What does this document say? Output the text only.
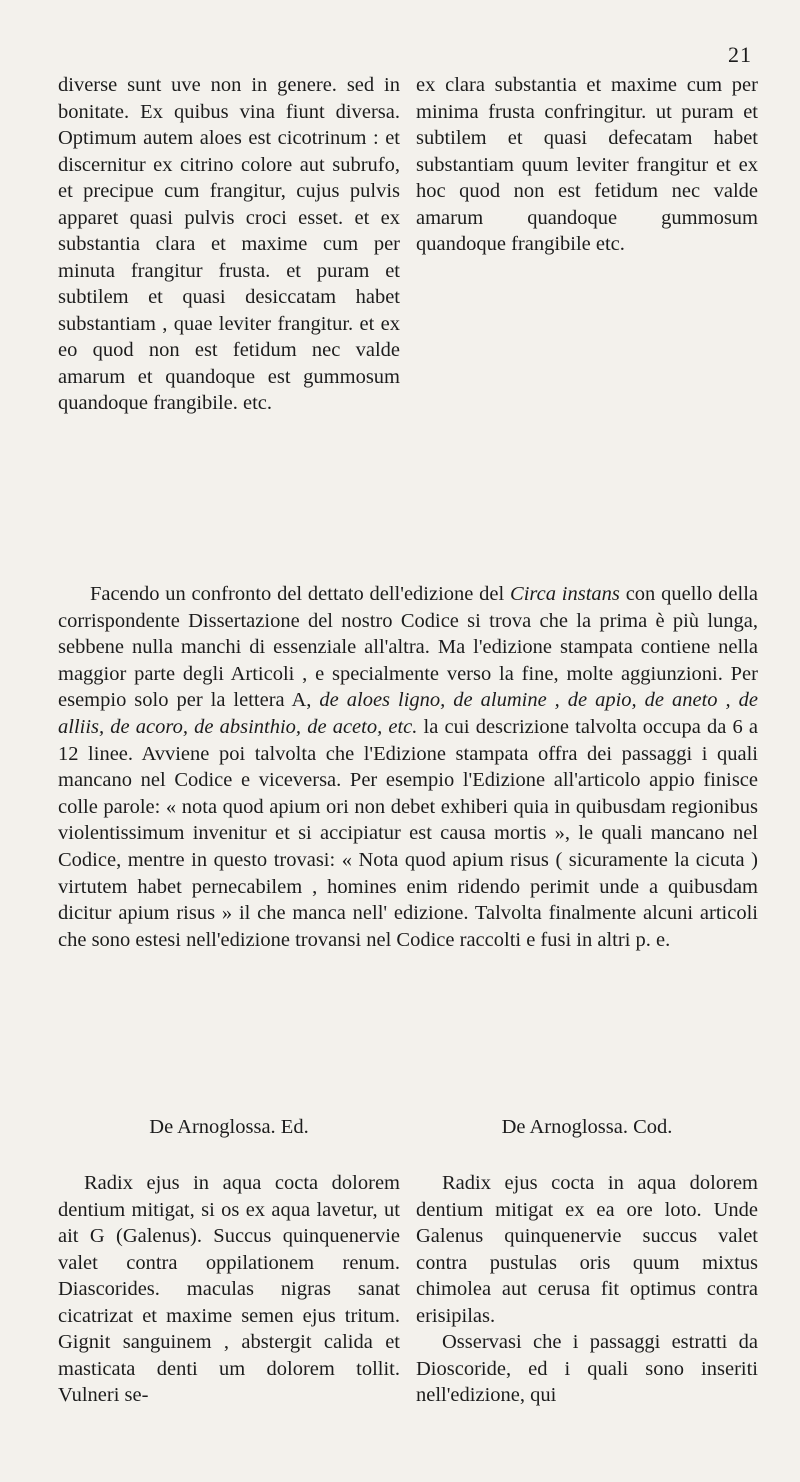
21

diverse sunt uve non in genere. sed in bonitate. Ex quibus vina fiunt diversa. Optimum autem aloes est cicotrinum : et discernitur ex citrino colore aut subrufo, et precipue cum frangitur, cujus pulvis apparet quasi pulvis croci esset. et ex substantia clara et maxime cum per minuta frangitur frusta. et puram et subtilem et quasi desiccatam habet substantiam , quae leviter frangitur. et ex eo quod non est fetidum nec valde amarum et quandoque est gummosum quandoque frangibile. etc.

ex clara substantia et maxime cum per minima frusta confringitur. ut puram et subtilem et quasi defecatam habet substantiam quum leviter frangitur et ex hoc quod non est fetidum nec valde amarum quandoque gummosum quandoque frangibile etc.

Facendo un confronto del dettato dell'edizione del Circa instans con quello della corrispondente Dissertazione del nostro Codice si trova che la prima è più lunga, sebbene nulla manchi di essenziale all'altra. Ma l'edizione stampata contiene nella maggior parte degli Articoli , e specialmente verso la fine, molte aggiunzioni. Per esempio solo per la lettera A, de aloes ligno, de alumine , de apio, de aneto , de alliis, de acoro, de absinthio, de aceto, etc. la cui descrizione talvolta occupa da 6 a 12 linee. Avviene poi talvolta che l'Edizione stampata offra dei passaggi i quali mancano nel Codice e viceversa. Per esempio l'Edizione all'articolo appio finisce colle parole: « nota quod apium ori non debet exhiberi quia in quibusdam regionibus violentissimum invenitur et si accipiatur est causa mortis », le quali mancano nel Codice, mentre in questo trovasi: « Nota quod apium risus ( sicuramente la cicuta ) virtutem habet pernecabilem , homines enim ridendo perimit unde a quibusdam dicitur apium risus » il che manca nell' edizione. Talvolta finalmente alcuni articoli che sono estesi nell'edizione trovansi nel Codice raccolti e fusi in altri p. e.

De Arnoglossa. Ed.	De Arnoglossa. Cod.

Radix ejus in aqua cocta dolorem dentium mitigat, si os ex aqua lavetur, ut ait G (Galenus). Succus quinquenervie valet contra oppilationem renum. Diascorides. maculas nigras sanat cicatrizat et maxime semen ejus tritum. Gignit sanguinem , abstergit calida et masticata denti um dolorem tollit. Vulneri se-

Radix ejus cocta in aqua dolorem dentium mitigat ex ea ore loto. Unde Galenus quinquenervie succus valet contra pustulas oris quum mixtus chimolea aut cerusa fit optimus contra erisipilas.

Osservasi che i passaggi estratti da Dioscoride, ed i quali sono inseriti nell'edizione, qui
